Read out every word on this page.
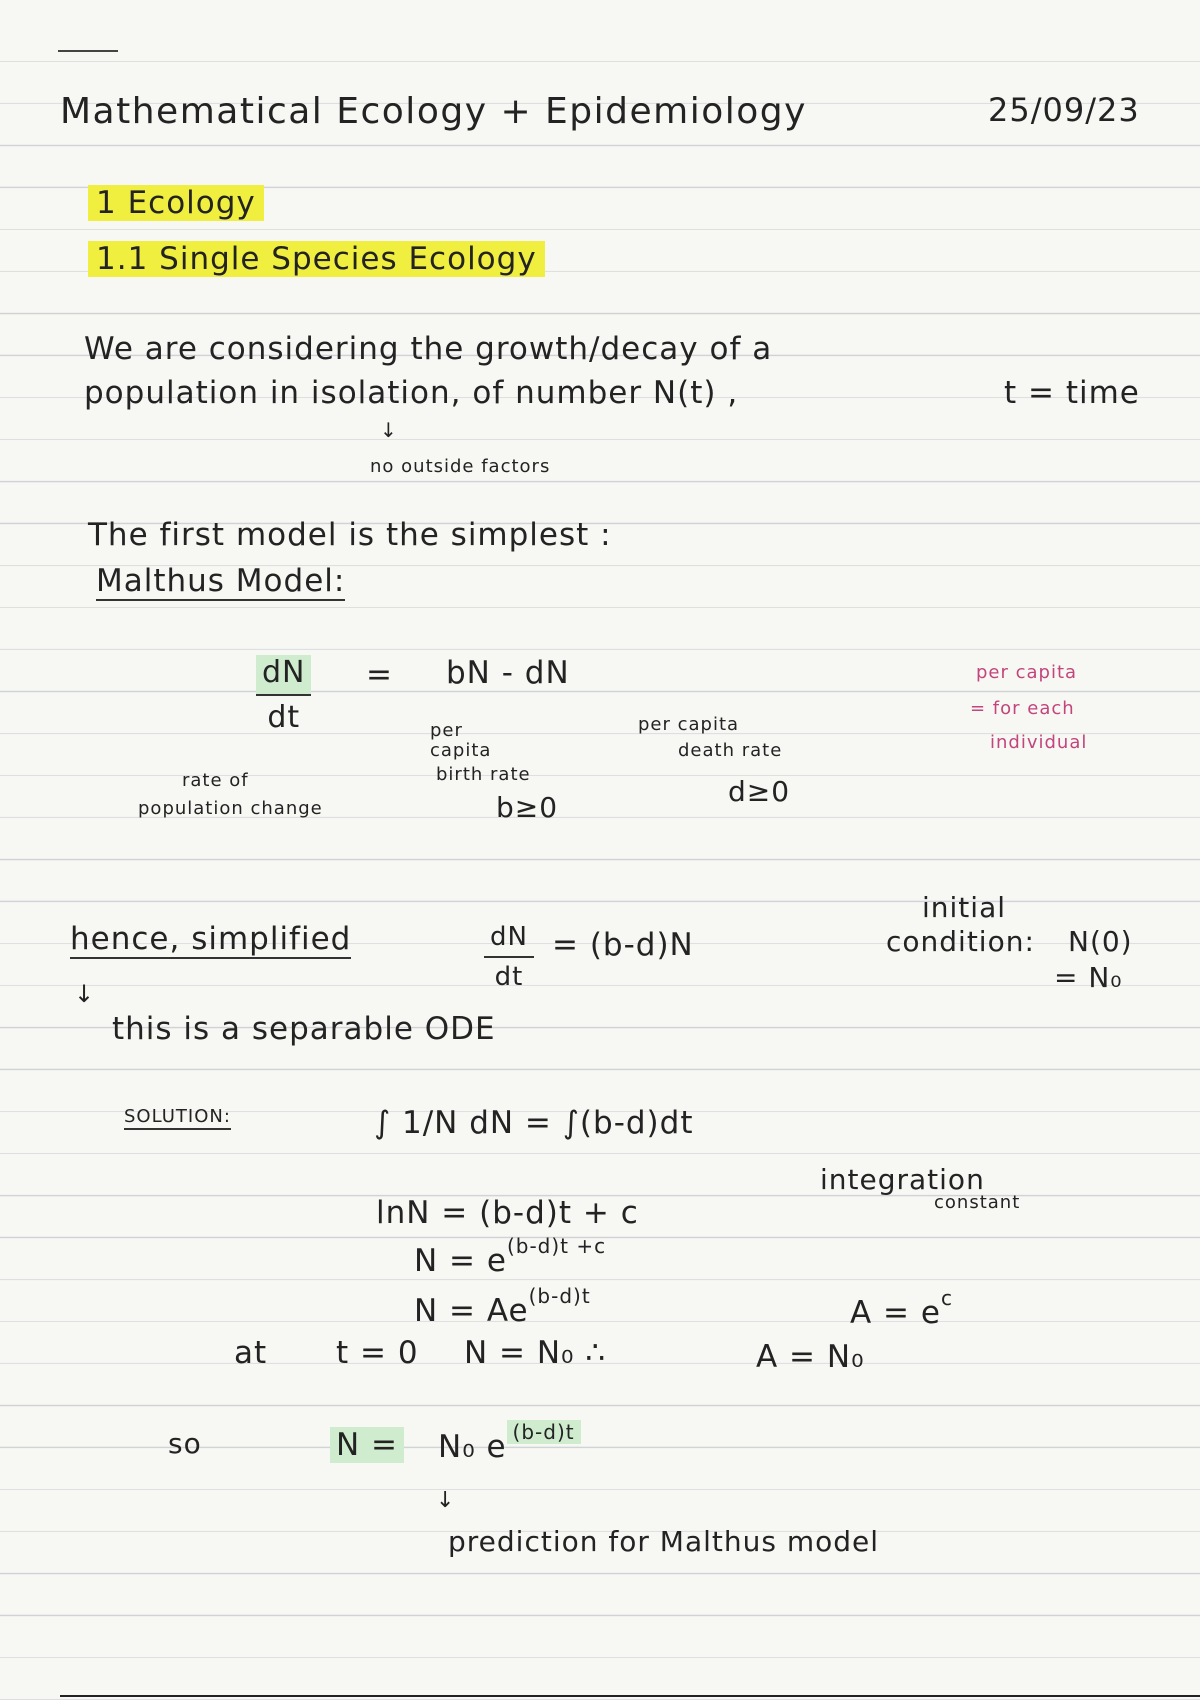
Mathematical Ecology + Epidemiology	25/09/23
1 Ecology
1.1 Single Species Ecology
We are considering the growth/decay of a
population in isolation, of number N(t) ,	t = time
↓
no outside factors
The first model is the simplest :
Malthus Model:
$\frac{dN}{dt}$ = bN - dN
per
capita
birth rate
b≥0
per capita
death rate
d≥0
rate of
population change
per capita
= for each
individual
initial
condition: N(0)
= N₀
hence, simplified	$\frac{dN}{dt} = (b-d)N$
↓
this is a separable ODE
SOLUTION:	∫ 1/N dN = ∫(b-d)dt
lnN = (b-d)t + c
integration
constant
$N = e^{(b-d)t +c}$
$N = Ae^{(b-d)t}$	$A = e^c$
at t = 0 N = N₀ ∴	A = N₀
so	N = N₀ e $^{(b-d)t}$
↓
prediction for Malthus model
